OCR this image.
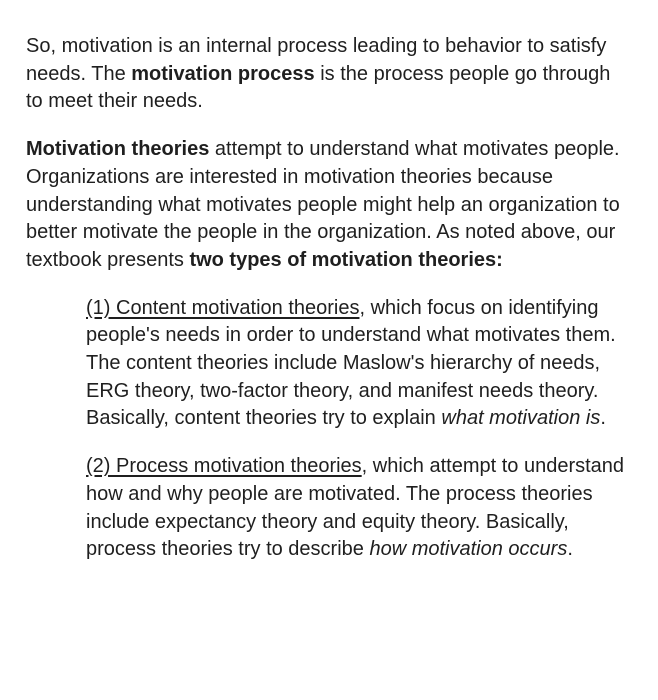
So, motivation is an internal process leading to behavior to satisfy needs. The motivation process is the process people go through to meet their needs.

Motivation theories attempt to understand what motivates people. Organizations are interested in motivation theories because understanding what motivates people might help an organization to better motivate the people in the organization. As noted above, our textbook presents two types of motivation theories:

(1) Content motivation theories, which focus on identifying people's needs in order to understand what motivates them. The content theories include Maslow's hierarchy of needs, ERG theory, two-factor theory, and manifest needs theory. Basically, content theories try to explain what motivation is.

(2) Process motivation theories, which attempt to understand how and why people are motivated. The process theories include expectancy theory and equity theory. Basically, process theories try to describe how motivation occurs.
